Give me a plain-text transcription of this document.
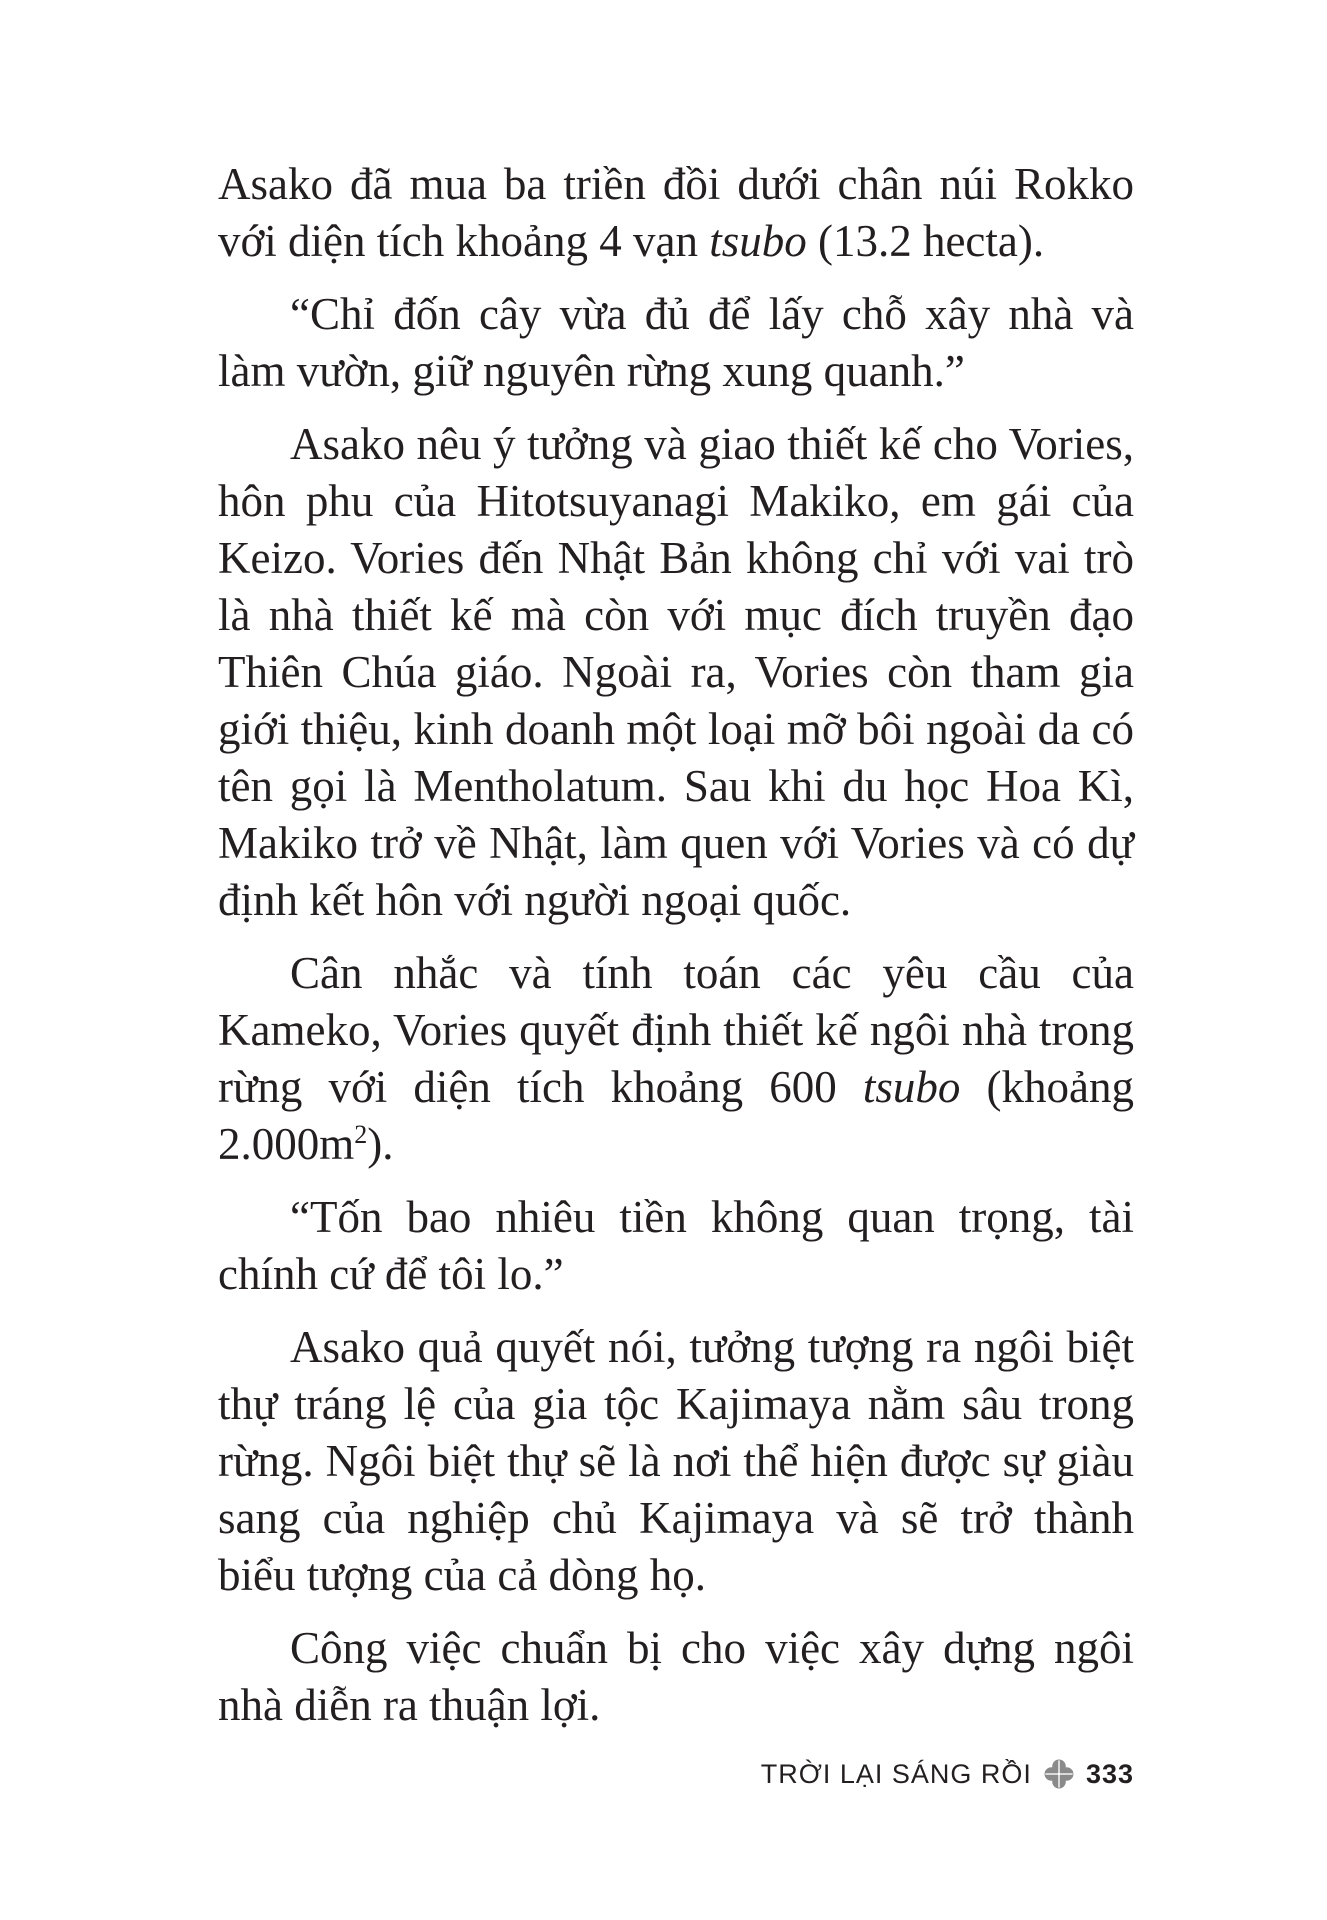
Asako đã mua ba triền đồi dưới chân núi Rokko với diện tích khoảng 4 vạn tsubo (13.2 hecta).

“Chỉ đốn cây vừa đủ để lấy chỗ xây nhà và làm vườn, giữ nguyên rừng xung quanh.”

Asako nêu ý tưởng và giao thiết kế cho Vories, hôn phu của Hitotsuyanagi Makiko, em gái của Keizo. Vories đến Nhật Bản không chỉ với vai trò là nhà thiết kế mà còn với mục đích truyền đạo Thiên Chúa giáo. Ngoài ra, Vories còn tham gia giới thiệu, kinh doanh một loại mỡ bôi ngoài da có tên gọi là Mentholatum. Sau khi du học Hoa Kì, Makiko trở về Nhật, làm quen với Vories và có dự định kết hôn với người ngoại quốc.

Cân nhắc và tính toán các yêu cầu của Kameko, Vories quyết định thiết kế ngôi nhà trong rừng với diện tích khoảng 600 tsubo (khoảng $2.000m^2$).

“Tốn bao nhiêu tiền không quan trọng, tài chính cứ để tôi lo.”

Asako quả quyết nói, tưởng tượng ra ngôi biệt thự tráng lệ của gia tộc Kajimaya nằm sâu trong rừng. Ngôi biệt thự sẽ là nơi thể hiện được sự giàu sang của nghiệp chủ Kajimaya và sẽ trở thành biểu tượng của cả dòng họ.

Công việc chuẩn bị cho việc xây dựng ngôi nhà diễn ra thuận lợi.

TRỜI LẠI SÁNG RỒI 333
